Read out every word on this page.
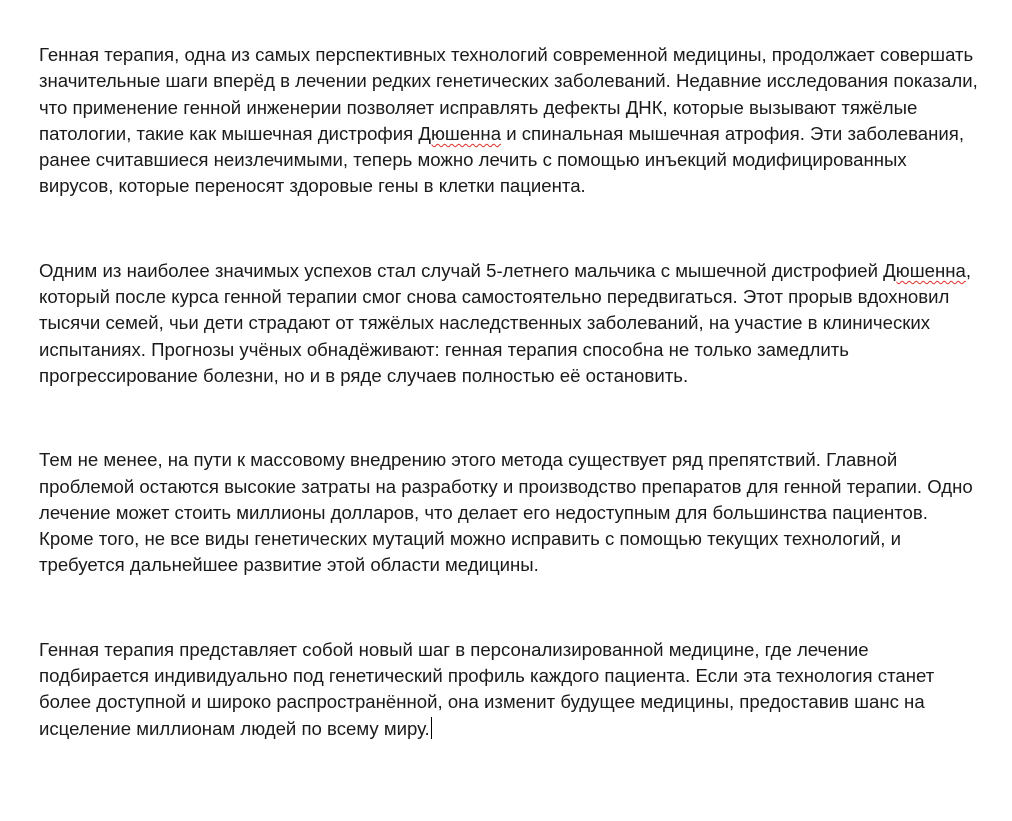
Генная терапия, одна из самых перспективных технологий современной медицины, продолжает совершать значительные шаги вперёд в лечении редких генетических заболеваний. Недавние исследования показали, что применение генной инженерии позволяет исправлять дефекты ДНК, которые вызывают тяжёлые патологии, такие как мышечная дистрофия Дюшенна и спинальная мышечная атрофия. Эти заболевания, ранее считавшиеся неизлечимыми, теперь можно лечить с помощью инъекций модифицированных вирусов, которые переносят здоровые гены в клетки пациента.

Одним из наиболее значимых успехов стал случай 5-летнего мальчика с мышечной дистрофией Дюшенна, который после курса генной терапии смог снова самостоятельно передвигаться. Этот прорыв вдохновил тысячи семей, чьи дети страдают от тяжёлых наследственных заболеваний, на участие в клинических испытаниях. Прогнозы учёных обнадёживают: генная терапия способна не только замедлить прогрессирование болезни, но и в ряде случаев полностью её остановить.

Тем не менее, на пути к массовому внедрению этого метода существует ряд препятствий. Главной проблемой остаются высокие затраты на разработку и производство препаратов для генной терапии. Одно лечение может стоить миллионы долларов, что делает его недоступным для большинства пациентов. Кроме того, не все виды генетических мутаций можно исправить с помощью текущих технологий, и требуется дальнейшее развитие этой области медицины.

Генная терапия представляет собой новый шаг в персонализированной медицине, где лечение подбирается индивидуально под генетический профиль каждого пациента. Если эта технология станет более доступной и широко распространённой, она изменит будущее медицины, предоставив шанс на исцеление миллионам людей по всему миру.
